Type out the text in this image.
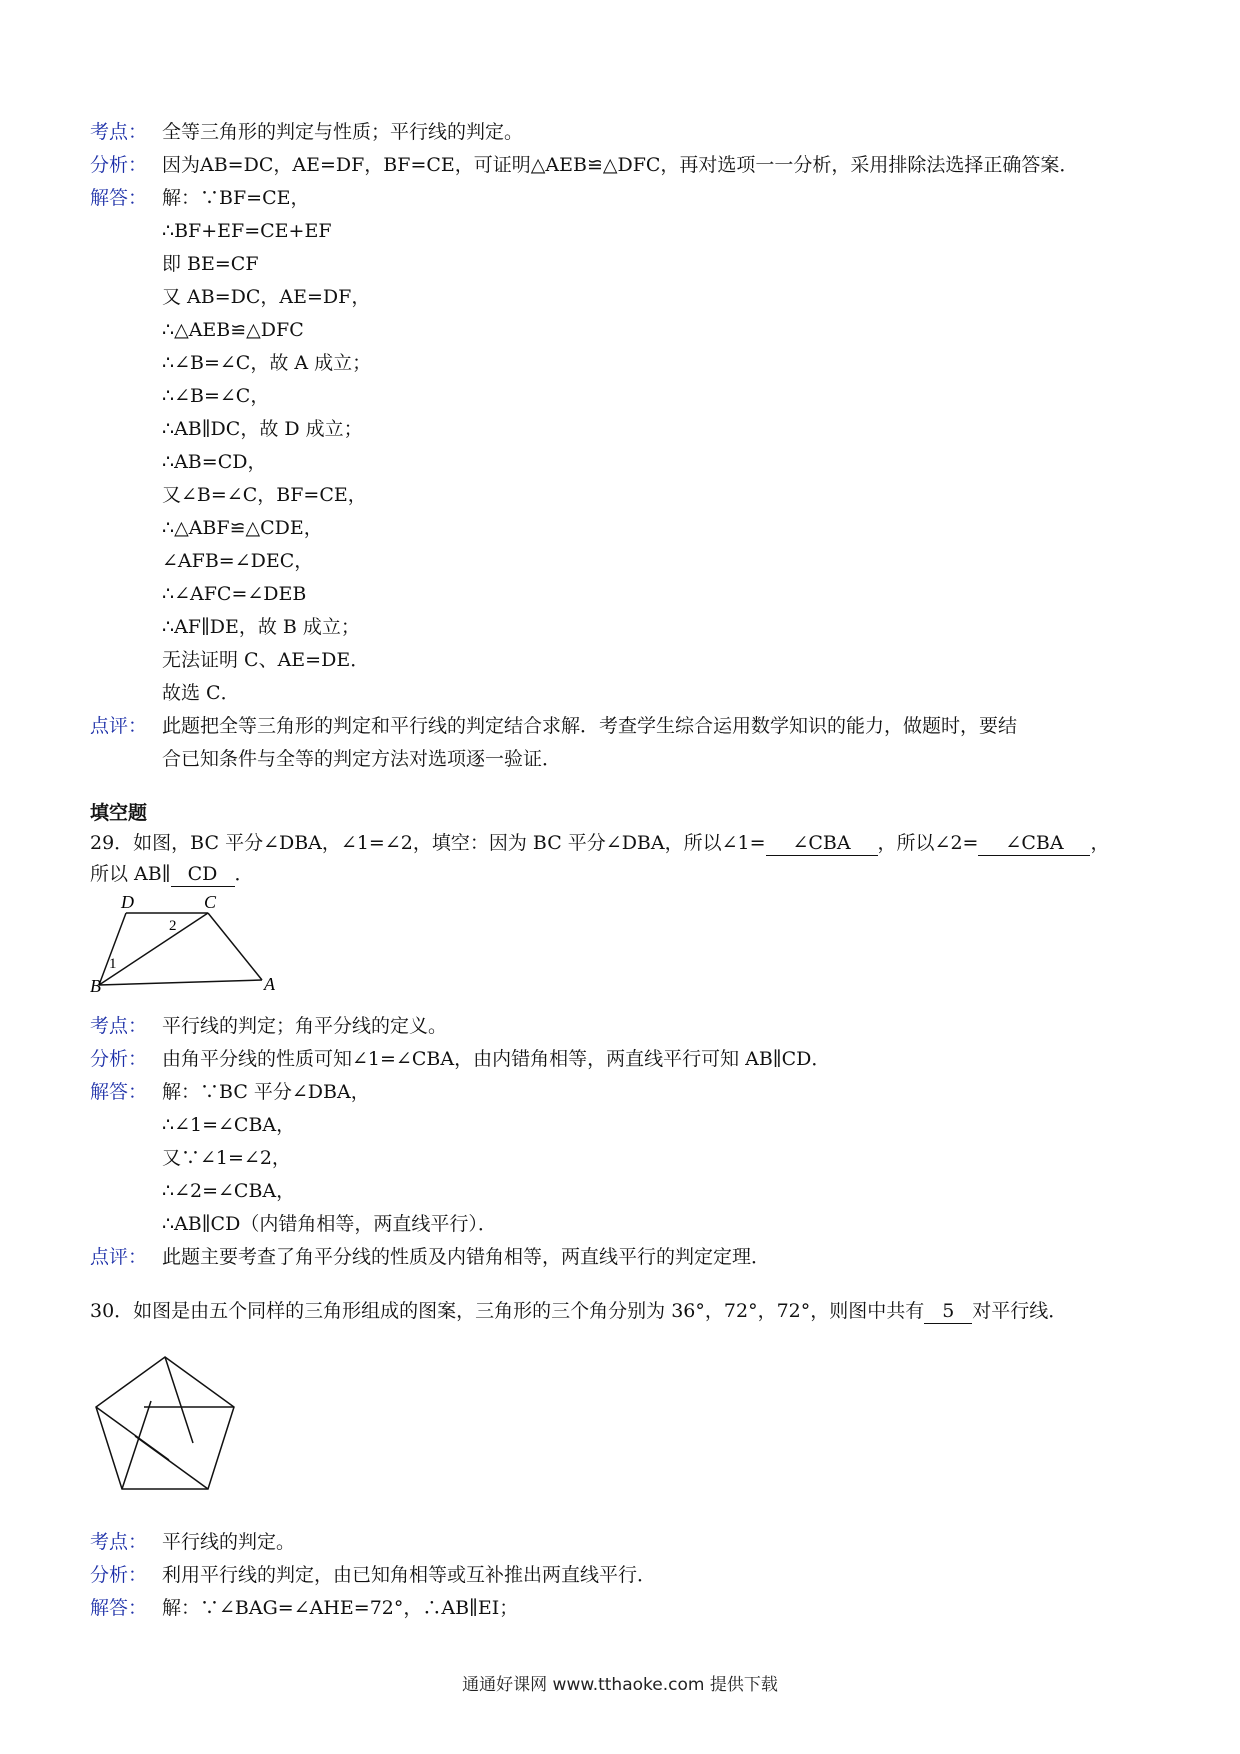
考点： 全等三角形的判定与性质；平行线的判定。
分析： 因为AB=DC，AE=DF，BF=CE，可证明△AEB≌△DFC，再对选项一一分析，采用排除法选择正确答案．
解答： 解：∵BF=CE，
∴BF+EF=CE+EF
即 BE=CF
又 AB=DC，AE=DF，
∴△AEB≌△DFC
∴∠B=∠C，故 A 成立；
∴∠B=∠C，
∴AB∥DC，故 D 成立；
∴AB=CD，
又∠B=∠C，BF=CE，
∴△ABF≌△CDE，
∠AFB=∠DEC，
∴∠AFC=∠DEB
∴AF∥DE，故 B 成立；
无法证明 C、AE=DE．
故选 C．
点评： 此题把全等三角形的判定和平行线的判定结合求解．考查学生综合运用数学知识的能力，做题时，要结
合已知条件与全等的判定方法对选项逐一验证．
填空题
29．如图，BC 平分∠DBA，∠1=∠2，填空：因为 BC 平分∠DBA，所以∠1= ∠CBA ，所以∠2= ∠CBA ，
所以 AB∥ CD ．
D	C
B	A
1
2
考点： 平行线的判定；角平分线的定义。
分析： 由角平分线的性质可知∠1=∠CBA，由内错角相等，两直线平行可知 AB∥CD．
解答： 解：∵BC 平分∠DBA，
∴∠1=∠CBA，
又∵∠1=∠2，
∴∠2=∠CBA，
∴AB∥CD（内错角相等，两直线平行）．
点评： 此题主要考查了角平分线的性质及内错角相等，两直线平行的判定定理．
30．如图是由五个同样的三角形组成的图案，三角形的三个角分别为 36°，72°，72°，则图中共有 5 对平行线．
考点： 平行线的判定。
分析： 利用平行线的判定，由已知角相等或互补推出两直线平行．
解答： 解：∵∠BAG=∠AHE=72°，∴AB∥EI；
通通好课网 www.tthaoke.com 提供下载
